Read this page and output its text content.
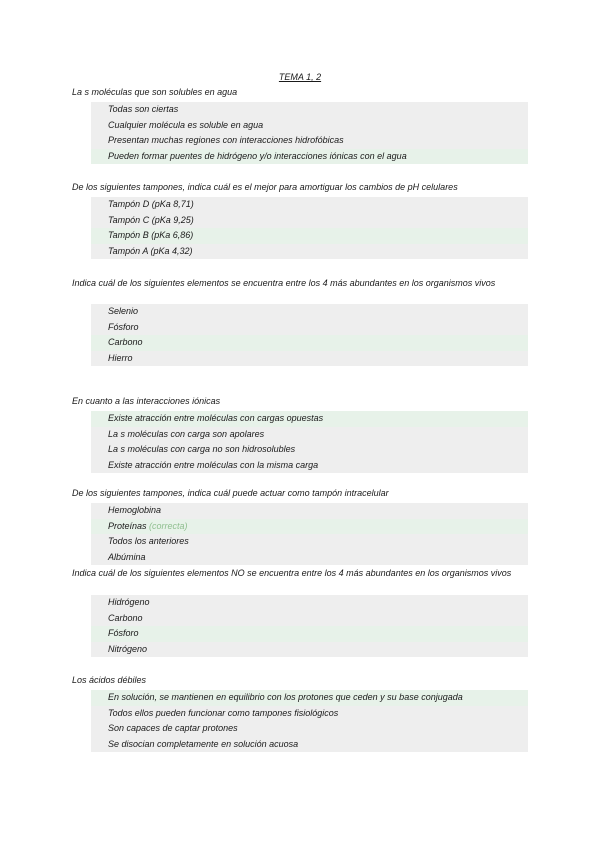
TEMA 1, 2
La s moléculas que son solubles en agua
Todas son ciertas
Cualquier molécula es soluble en agua
Presentan muchas regiones con interacciones hidrofóbicas
Pueden formar puentes de hidrógeno y/o interacciones iónicas con el agua
De los siguientes tampones, indica cuál es el mejor para amortiguar los cambios de pH celulares
Tampón D (pKa 8,71)
Tampón C (pKa 9,25)
Tampón B (pKa 6,86)
Tampón A (pKa 4,32)
Indica cuál de los siguientes elementos se encuentra entre los 4 más abundantes en los organismos vivos
Selenio
Fósforo
Carbono
Hierro
En cuanto a las interacciones iónicas
Existe atracción entre moléculas con cargas opuestas
La s moléculas con carga son apolares
La s moléculas con carga no son hidrosolubles
Existe atracción entre moléculas con la misma carga
De los siguientes tampones, indica cuál puede actuar como tampón intracelular
Hemoglobina
Proteínas (correcta)
Todos los anteriores
Albúmina
Indica cuál de los siguientes elementos NO se encuentra entre los 4 más abundantes en los organismos vivos
Hidrógeno
Carbono
Fósforo
Nitrógeno
Los ácidos débiles
En solución, se mantienen en equilibrio con los protones que ceden y su base conjugada
Todos ellos pueden funcionar como tampones fisiológicos
Son capaces de captar protones
Se disocian completamente en solución acuosa
